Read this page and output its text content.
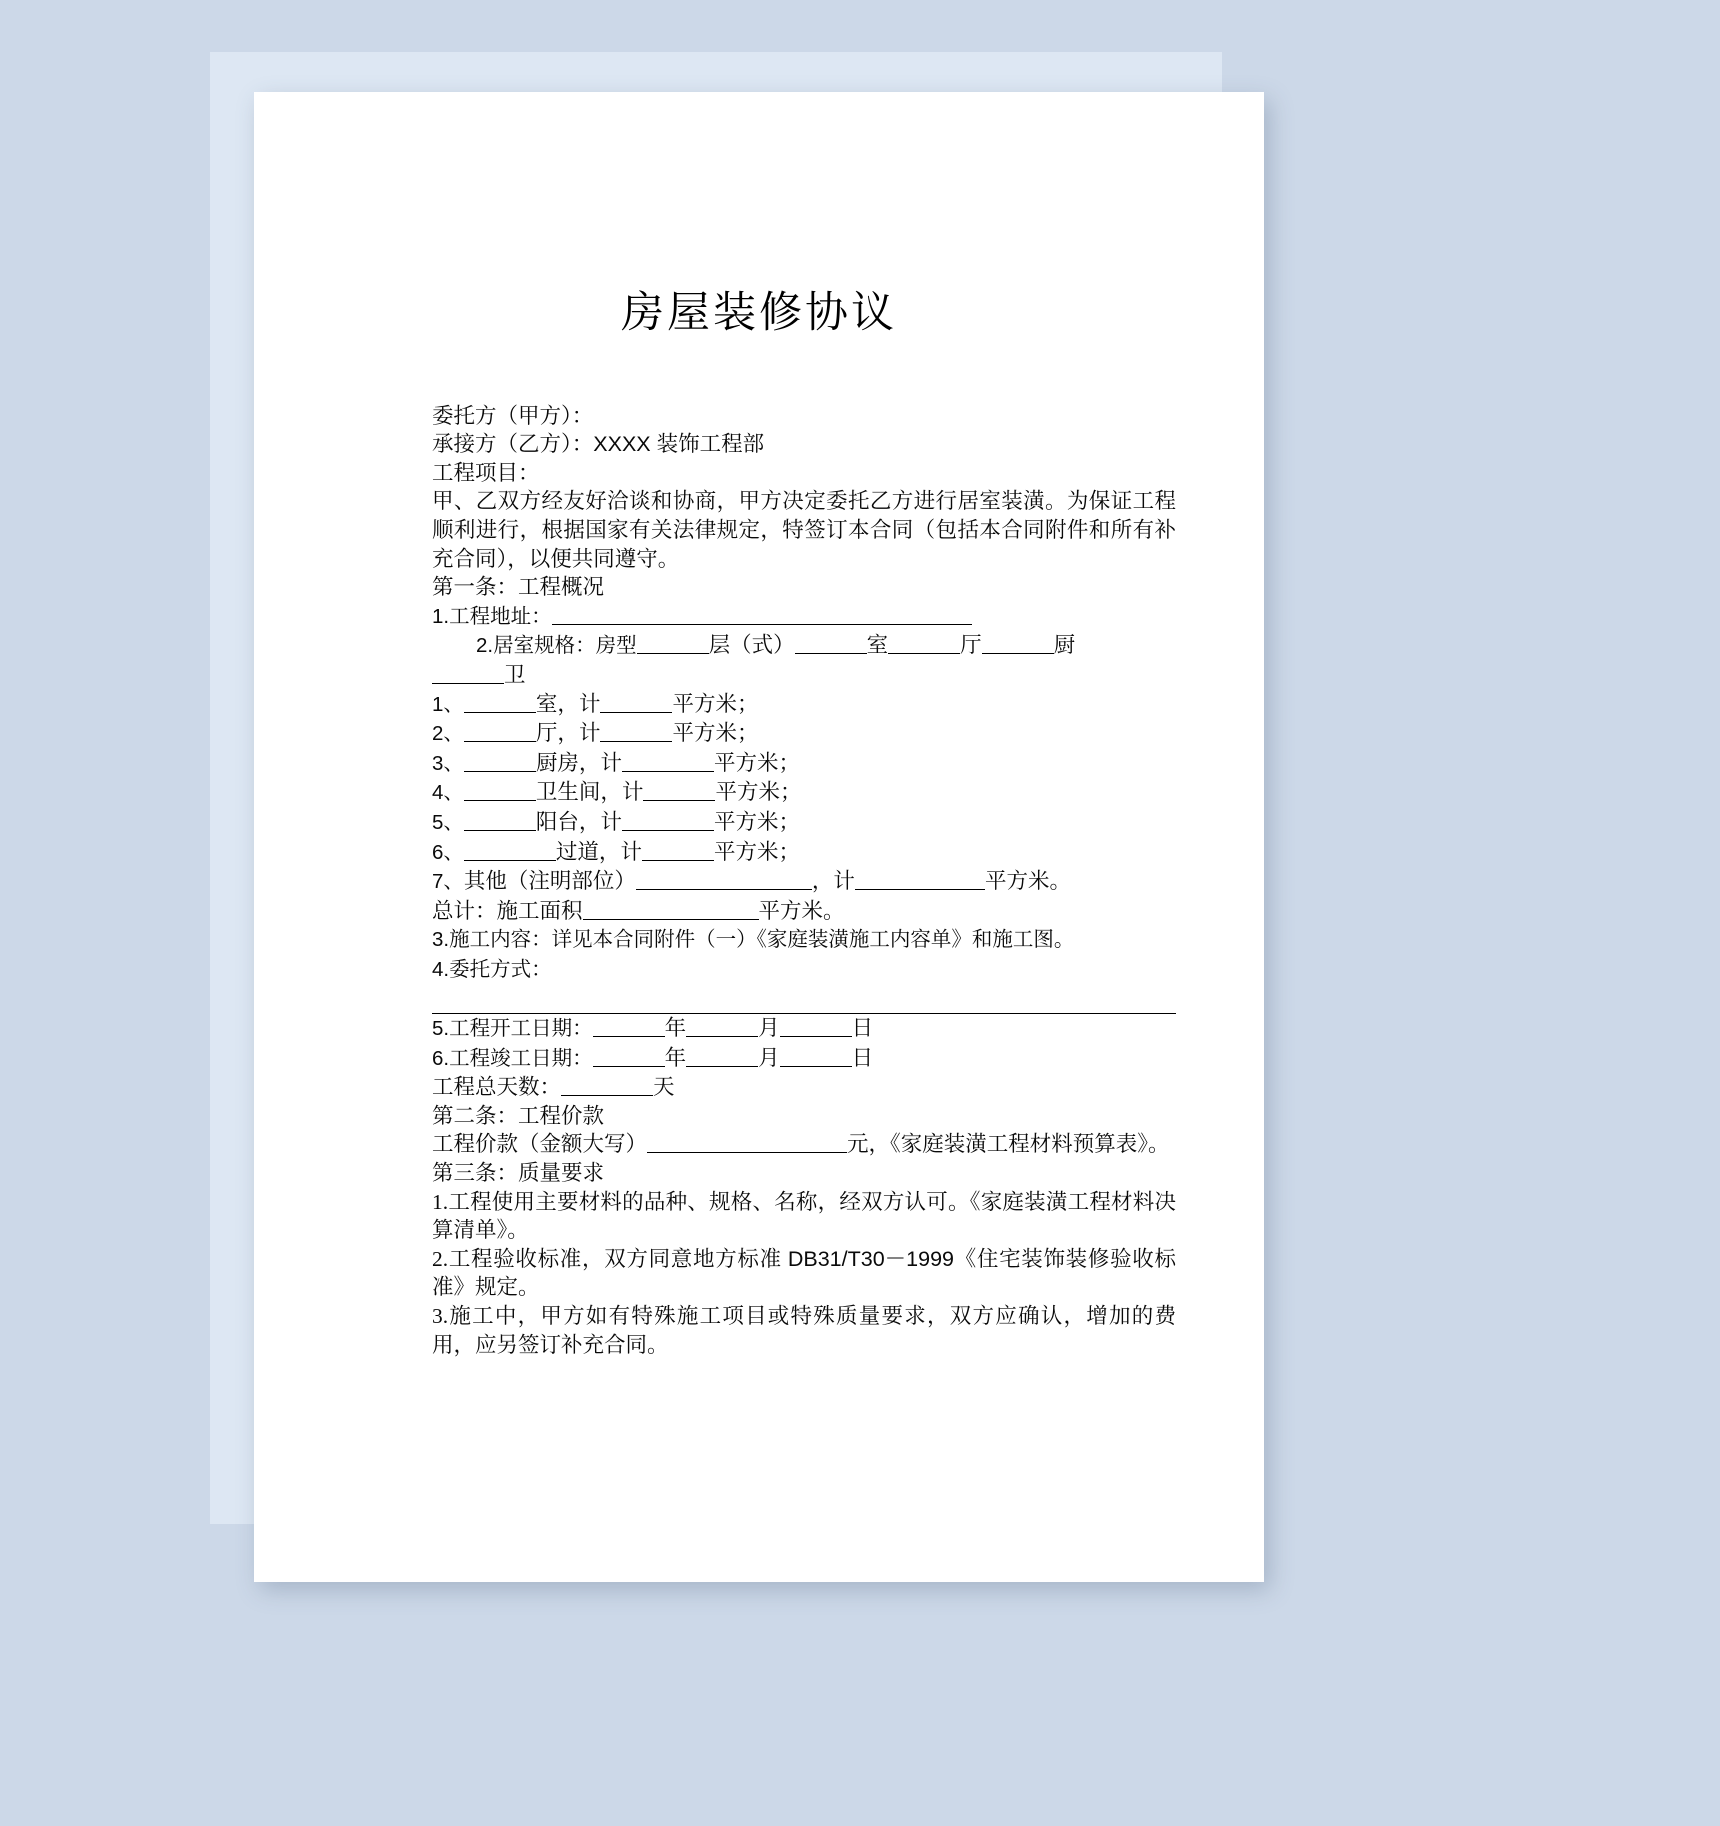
房屋装修协议

委托方（甲方）：

承接方（乙方）：XXXX 装饰工程部

工程项目：

甲、乙双方经友好洽谈和协商，甲方决定委托乙方进行居室装潢。为保证工程顺利进行，根据国家有关法律规定，特签订本合同（包括本合同附件和所有补充合同），以便共同遵守。

第一条：工程概况

1.工程地址：

2.居室规格：房型	层（式）	室	厅	厨

卫

1、	室，计	平方米；

2、	厅，计	平方米；

3、	厨房，计	平方米；

4、	卫生间，计	平方米；

5、	阳台，计	平方米；

6、	过道，计	平方米；

7、其他（注明部位）	，计	平方米。

总计：施工面积	平方米。

3.施工内容：详见本合同附件（一）《家庭装潢施工内容单》和施工图。

4.委托方式：

5.工程开工日期：	年	月	日

6.工程竣工日期：	年	月	日

工程总天数：	天

第二条：工程价款

工程价款（金额大写）	元，《家庭装潢工程材料预算表》。

第三条：质量要求

1.工程使用主要材料的品种、规格、名称，经双方认可。《家庭装潢工程材料决算清单》。

2.工程验收标准，双方同意地方标准 DB31/T30－1999《住宅装饰装修验收标准》规定。

3.施工中，甲方如有特殊施工项目或特殊质量要求，双方应确认，增加的费用，应另签订补充合同。
